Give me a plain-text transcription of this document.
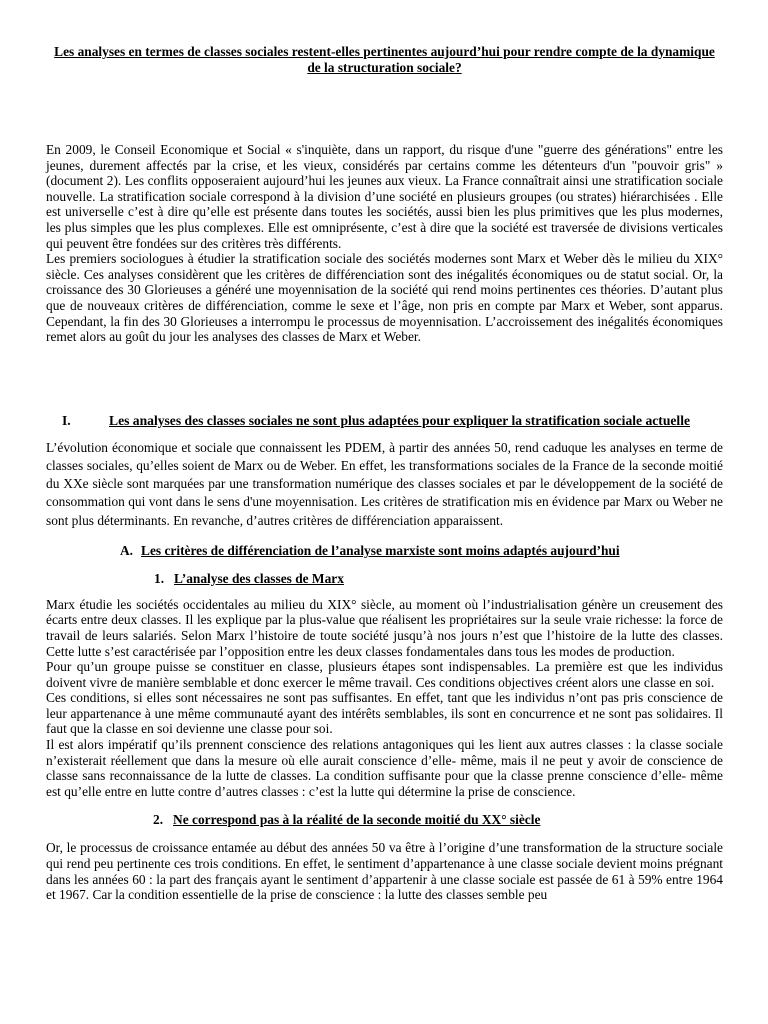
Les analyses en termes de classes sociales restent-elles pertinentes aujourd’hui pour rendre compte de la dynamique de la structuration sociale?

En 2009, le Conseil Economique et Social « s'inquiète, dans un rapport, du risque d'une "guerre des générations" entre les jeunes, durement affectés par la crise, et les vieux, considérés par certains comme les détenteurs d'un "pouvoir gris" » (document 2). Les conflits opposeraient aujourd’hui les jeunes aux vieux. La France connaîtrait ainsi une stratification sociale nouvelle. La stratification sociale correspond à la division d’une société en plusieurs groupes (ou strates) hiérarchisées . Elle est universelle c’est à dire qu’elle est présente dans toutes les sociétés, aussi bien les plus primitives que les plus modernes, les plus simples que les plus complexes. Elle est omniprésente, c’est à dire que la société est traversée de divisions verticales qui peuvent être fondées sur des critères très différents.

Les premiers sociologues à étudier la stratification sociale des sociétés modernes sont Marx et Weber dès le milieu du XIX° siècle. Ces analyses considèrent que les critères de différenciation sont des inégalités économiques ou de statut social. Or, la croissance des 30 Glorieuses a généré une moyennisation de la société qui rend moins pertinentes ces théories. D’autant plus que de nouveaux critères de différenciation, comme le sexe et l’âge, non pris en compte par Marx et Weber, sont apparus. Cependant, la fin des 30 Glorieuses a interrompu le processus de moyennisation. L’accroissement des inégalités économiques remet alors au goût du jour les analyses des classes de Marx et Weber.

I.	Les analyses des classes sociales ne sont plus adaptées pour expliquer la stratification sociale actuelle

L’évolution économique et sociale que connaissent les PDEM, à partir des années 50, rend caduque les analyses en terme de classes sociales, qu’elles soient de Marx ou de Weber. En effet, les transformations sociales de la France de la seconde moitié du XXe siècle sont marquées par une transformation numérique des classes sociales et par le développement de la société de consommation qui vont dans le sens d'une moyennisation. Les critères de stratification mis en évidence par Marx ou Weber ne sont plus déterminants. En revanche, d’autres critères de différenciation apparaissent.

A. Les critères de différenciation de l’analyse marxiste sont moins adaptés aujourd’hui
1. L’analyse des classes de Marx

Marx étudie les sociétés occidentales au milieu du XIX° siècle, au moment où l’industrialisation génère un creusement des écarts entre deux classes. Il les explique par la plus-value que réalisent les propriétaires sur la seule vraie richesse: la force de travail de leurs salariés. Selon Marx l’histoire de toute société jusqu’à nos jours n’est que l’histoire de la lutte des classes. Cette lutte s’est caractérisée par l’opposition entre les deux classes fondamentales dans tous les modes de production.

Pour qu’un groupe puisse se constituer en classe, plusieurs étapes sont indispensables. La première est que les individus doivent vivre de manière semblable et donc exercer le même travail. Ces conditions objectives créent alors une classe en soi.

Ces conditions, si elles sont nécessaires ne sont pas suffisantes. En effet, tant que les individus n’ont pas pris conscience de leur appartenance à une même communauté ayant des intérêts semblables, ils sont en concurrence et ne sont pas solidaires. Il faut que la classe en soi devienne une classe pour soi.

Il est alors impératif qu’ils prennent conscience des relations antagoniques qui les lient aux autres classes : la classe sociale n’existerait réellement que dans la mesure où elle aurait conscience d’elle- même, mais il ne peut y avoir de conscience de classe sans reconnaissance de la lutte de classes. La condition suffisante pour que la classe prenne conscience d’elle- même est qu’elle entre en lutte contre d’autres classes : c’est la lutte qui détermine la prise de conscience.

2. Ne correspond pas à la réalité de la seconde moitié du XX° siècle

Or, le processus de croissance entamée au début des années 50 va être à l’origine d’une transformation de la structure sociale qui rend peu pertinente ces trois conditions. En effet, le sentiment d’appartenance à une classe sociale devient moins prégnant dans les années 60 : la part des français ayant le sentiment d’appartenir à une classe sociale est passée de 61 à 59% entre 1964 et 1967. Car la condition essentielle de la prise de conscience : la lutte des classes semble peu
